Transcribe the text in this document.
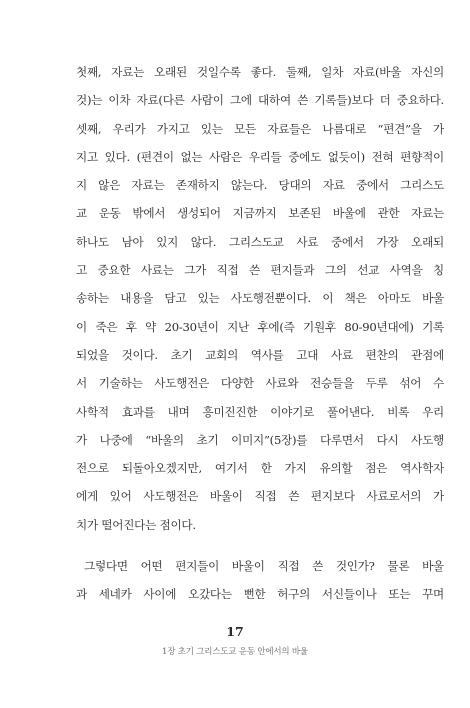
첫째, 자료는 오래된 것일수록 좋다. 둘째, 일차 자료(바울 자신의
것)는 이차 자료(다른 사람이 그에 대하여 쓴 기록들)보다 더 중요하다.
셋째, 우리가 가지고 있는 모든 자료들은 나름대로 “편견”을 가
지고 있다. (편견이 없는 사람은 우리들 중에도 없듯이) 전혀 편향적이
지 않은 자료는 존재하지 않는다. 당대의 자료 중에서 그리스도
교 운동 밖에서 생성되어 지금까지 보존된 바울에 관한 자료는
하나도 남아 있지 않다. 그리스도교 사료 중에서 가장 오래되
고 중요한 사료는 그가 직접 쓴 편지들과 그의 선교 사역을 칭
송하는 내용을 담고 있는 사도행전뿐이다. 이 책은 아마도 바울
이 죽은 후 약 20-30년이 지난 후에(즉 기원후 80-90년대에) 기록
되었을 것이다. 초기 교회의 역사를 고대 사료 편찬의 관점에
서 기술하는 사도행전은 다양한 사료와 전승들을 두루 섞어 수
사학적 효과를 내며 흥미진진한 이야기로 풀어낸다. 비록 우리
가 나중에 “바울의 초기 이미지”(5장)를 다루면서 다시 사도행
전으로 되돌아오겠지만, 여기서 한 가지 유의할 점은 역사학자
에게 있어 사도행전은 바울이 직접 쓴 편지보다 사료로서의 가
치가 떨어진다는 점이다.
그렇다면 어떤 편지들이 바울이 직접 쓴 것인가? 물론 바울
과 세네카 사이에 오갔다는 뻔한 허구의 서신들이나 또는 꾸며
17
1장 초기 그리스도교 운동 안에서의 바울
